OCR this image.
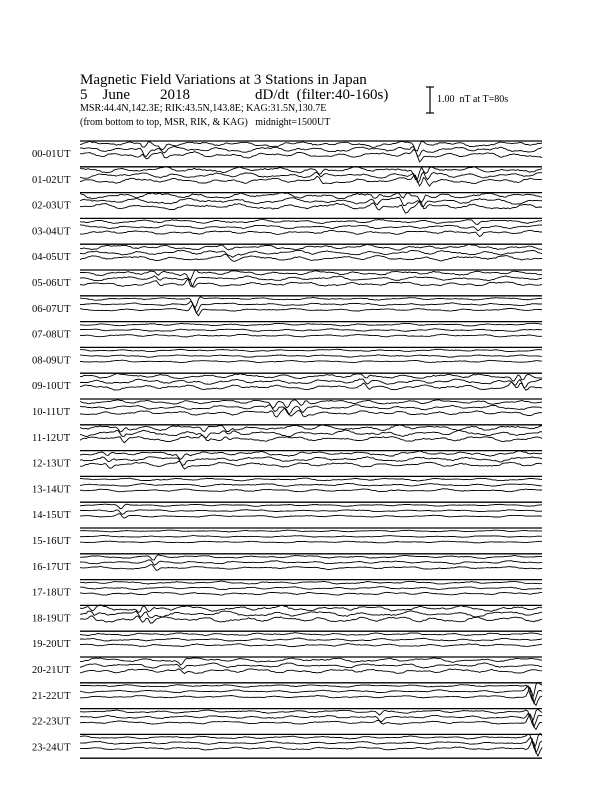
Magnetic Field Variations at 3 Stations in Japan
5    June        2018	dD/dt  (filter:40-160s)
MSR:44.4N,142.3E; RIK:43.5N,143.8E; KAG:31.5N,130.7E
(from bottom to top, MSR, RIK, & KAG)   midnight=1500UT
1.00  nT at T=80s
00-01UT
01-02UT
02-03UT
03-04UT
04-05UT
05-06UT
06-07UT
07-08UT
08-09UT
09-10UT
10-11UT
11-12UT
12-13UT
13-14UT
14-15UT
15-16UT
16-17UT
17-18UT
18-19UT
19-20UT
20-21UT
21-22UT
22-23UT
23-24UT
